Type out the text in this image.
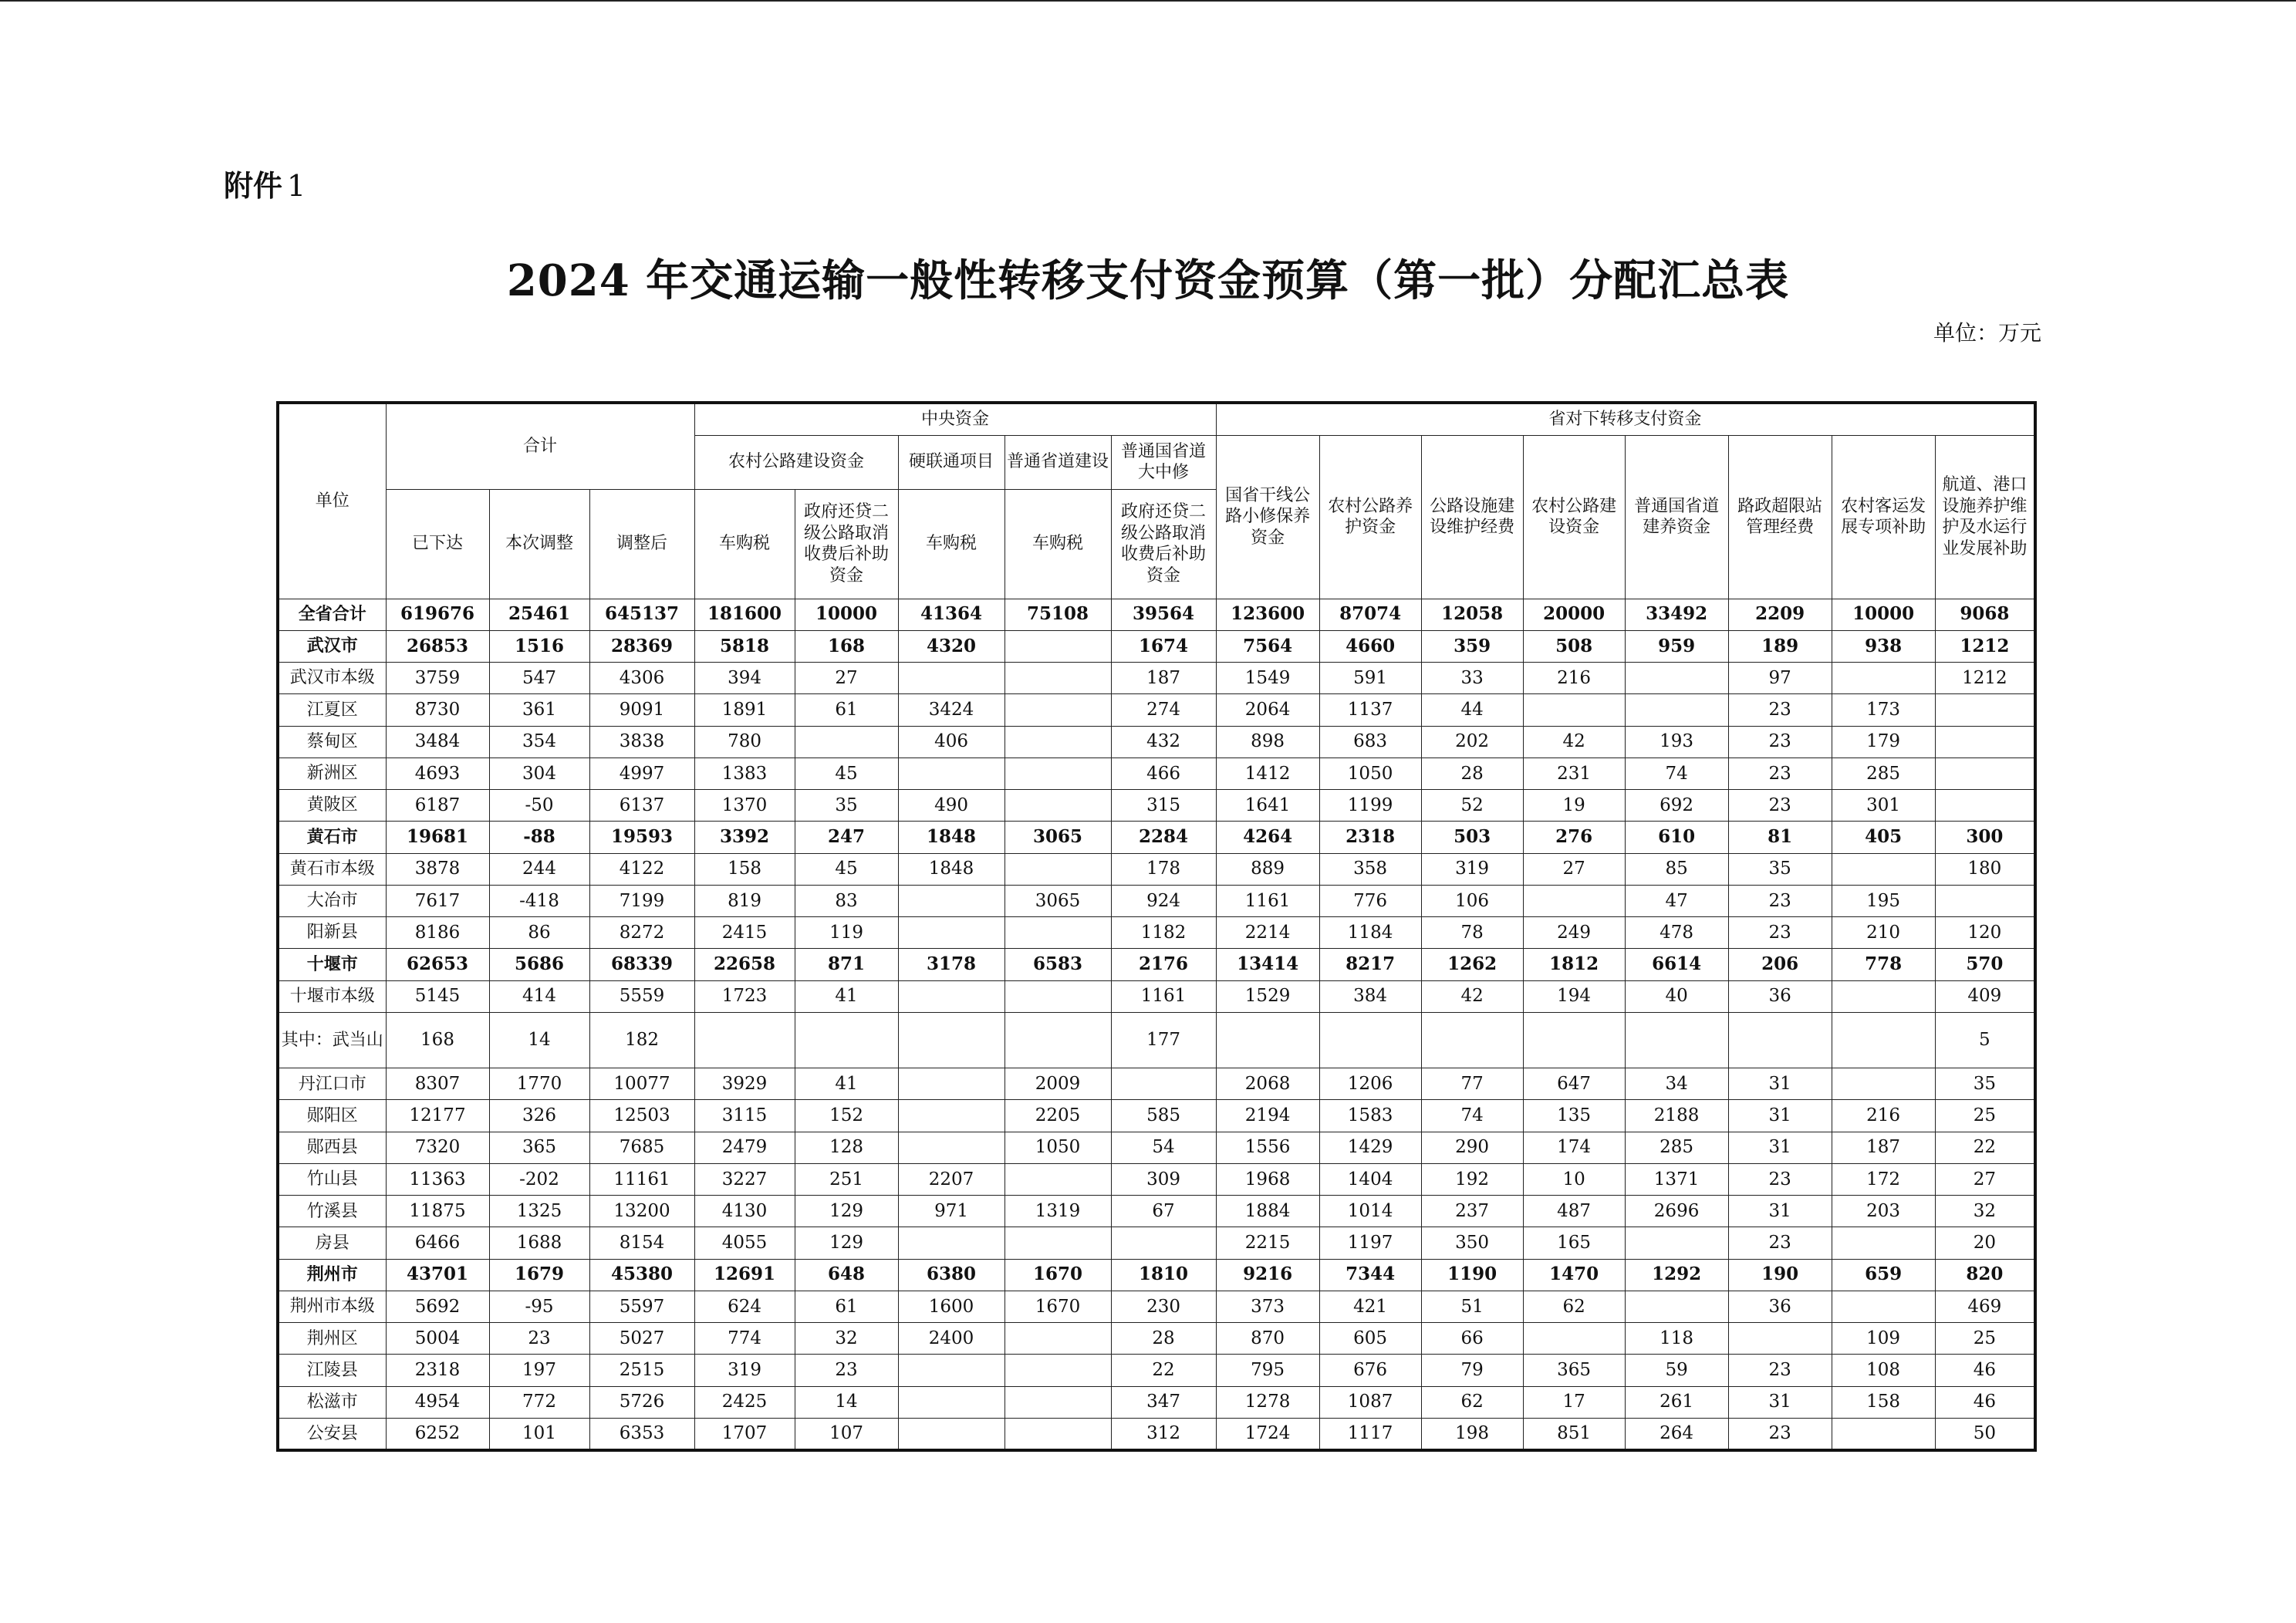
附件 1
2024 年交通运输一般性转移支付资金预算（第一批）分配汇总表
单位：万元
单位	合计			中央资金					省对下转移支付资金							
				农村公路建设资金		硬联通项目	普通省道建设	普通国省道大中修	国省干线公路小修保养资金	农村公路养护资金	公路设施建设维护经费	农村公路建设资金	普通国省道建养资金	路政超限站管理经费	农村客运发展专项补助	航道、港口设施养护维护及水运行业发展补助
	已下达	本次调整	调整后	车购税	政府还贷二级公路取消收费后补助资金	车购税	车购税	政府还贷二级公路取消收费后补助资金								
全省合计	619676	25461	645137	181600	10000	41364	75108	39564	123600	87074	12058	20000	33492	2209	10000	9068
武汉市	26853	1516	28369	5818	168	4320		1674	7564	4660	359	508	959	189	938	1212
武汉市本级	3759	547	4306	394	27			187	1549	591	33	216		97		1212
江夏区	8730	361	9091	1891	61	3424		274	2064	1137	44			23	173	
蔡甸区	3484	354	3838	780		406		432	898	683	202	42	193	23	179	
新洲区	4693	304	4997	1383	45			466	1412	1050	28	231	74	23	285	
黄陂区	6187	-50	6137	1370	35	490		315	1641	1199	52	19	692	23	301	
黄石市	19681	-88	19593	3392	247	1848	3065	2284	4264	2318	503	276	610	81	405	300
黄石市本级	3878	244	4122	158	45	1848		178	889	358	319	27	85	35		180
大冶市	7617	-418	7199	819	83		3065	924	1161	776	106		47	23	195	
阳新县	8186	86	8272	2415	119			1182	2214	1184	78	249	478	23	210	120
十堰市	62653	5686	68339	22658	871	3178	6583	2176	13414	8217	1262	1812	6614	206	778	570
十堰市本级	5145	414	5559	1723	41			1161	1529	384	42	194	40	36		409
其中：武当山	168	14	182					177								5
丹江口市	8307	1770	10077	3929	41		2009		2068	1206	77	647	34	31		35
郧阳区	12177	326	12503	3115	152		2205	585	2194	1583	74	135	2188	31	216	25
郧西县	7320	365	7685	2479	128		1050	54	1556	1429	290	174	285	31	187	22
竹山县	11363	-202	11161	3227	251	2207		309	1968	1404	192	10	1371	23	172	27
竹溪县	11875	1325	13200	4130	129	971	1319	67	1884	1014	237	487	2696	31	203	32
房县	6466	1688	8154	4055	129				2215	1197	350	165		23		20
荆州市	43701	1679	45380	12691	648	6380	1670	1810	9216	7344	1190	1470	1292	190	659	820
荆州市本级	5692	-95	5597	624	61	1600	1670	230	373	421	51	62		36		469
荆州区	5004	23	5027	774	32	2400		28	870	605	66		118		109	25
江陵县	2318	197	2515	319	23			22	795	676	79	365	59	23	108	46
松滋市	4954	772	5726	2425	14			347	1278	1087	62	17	261	31	158	46
公安县	6252	101	6353	1707	107			312	1724	1117	198	851	264	23		50
